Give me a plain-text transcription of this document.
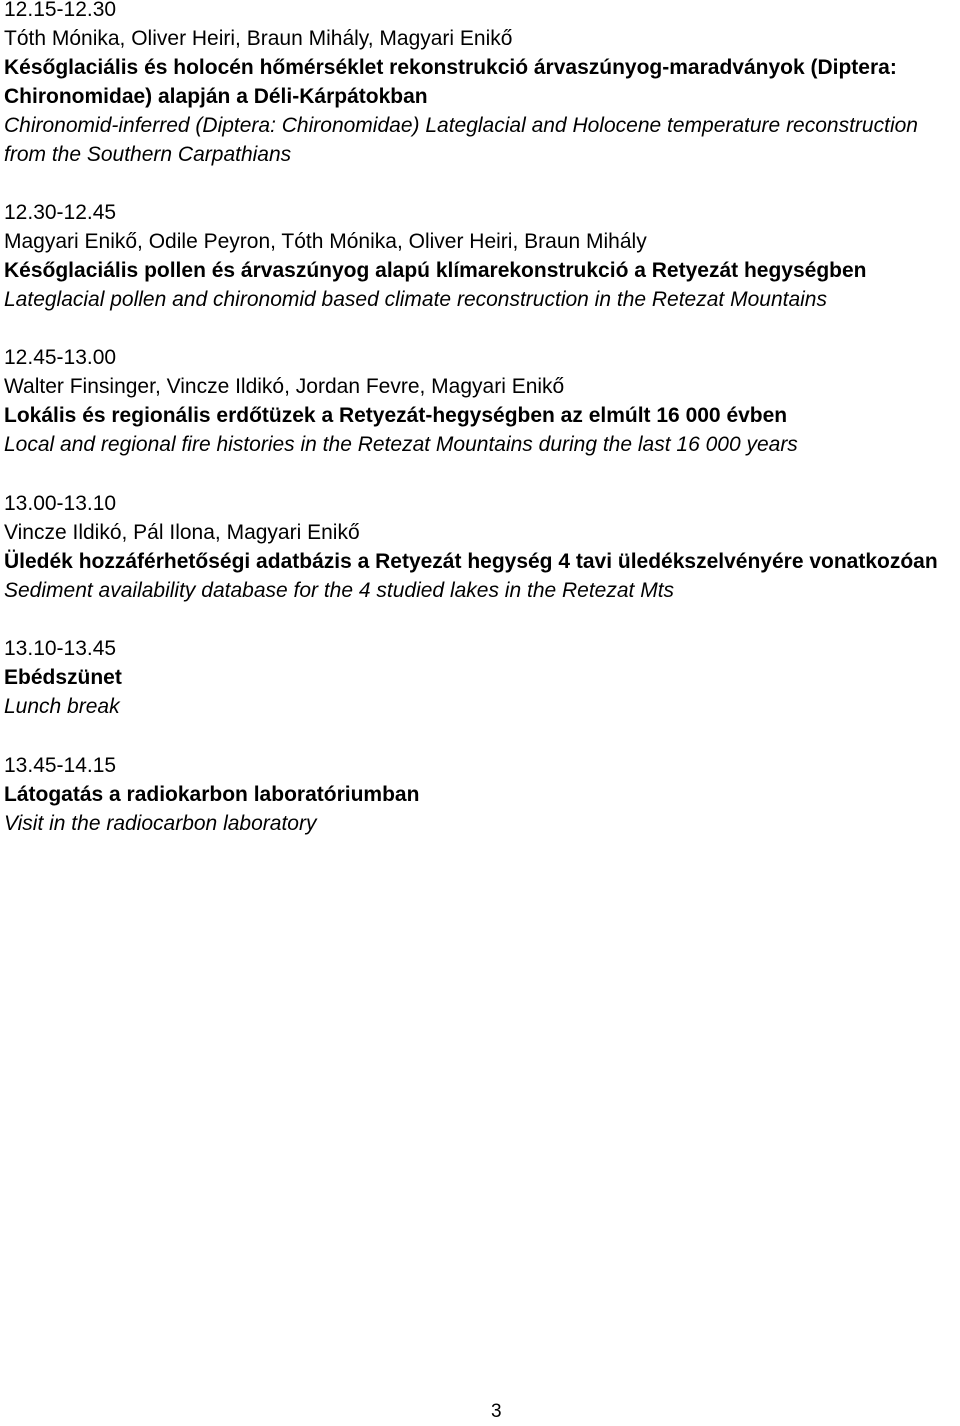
12.15-12.30
Tóth Mónika, Oliver Heiri, Braun Mihály, Magyari Enikő
Későglaciális és holocén hőmérséklet rekonstrukció árvaszúnyog-maradványok (Diptera: Chironomidae) alapján a Déli-Kárpátokban
Chironomid-inferred (Diptera: Chironomidae) Lateglacial and Holocene temperature reconstruction from the Southern Carpathians
12.30-12.45
Magyari Enikő, Odile Peyron, Tóth Mónika, Oliver Heiri, Braun Mihály
Későglaciális pollen és árvaszúnyog alapú klímarekonstrukció a Retyezát hegységben
Lateglacial pollen and chironomid based climate reconstruction in the Retezat Mountains
12.45-13.00
Walter Finsinger, Vincze Ildikó, Jordan Fevre, Magyari Enikő
Lokális és regionális erdőtüzek a Retyezát-hegységben az elmúlt 16 000 évben
Local and regional fire histories in the Retezat Mountains during the last 16 000 years
13.00-13.10
Vincze Ildikó, Pál Ilona, Magyari Enikő
Üledék hozzáférhetőségi adatbázis a Retyezát hegység 4 tavi üledékszelvényére vonatkozóan
Sediment availability database for the 4 studied lakes in the Retezat Mts
13.10-13.45
Ebédszünet
Lunch break
13.45-14.15
Látogatás a radiokarbon laboratóriumban
Visit in the radiocarbon laboratory
3
